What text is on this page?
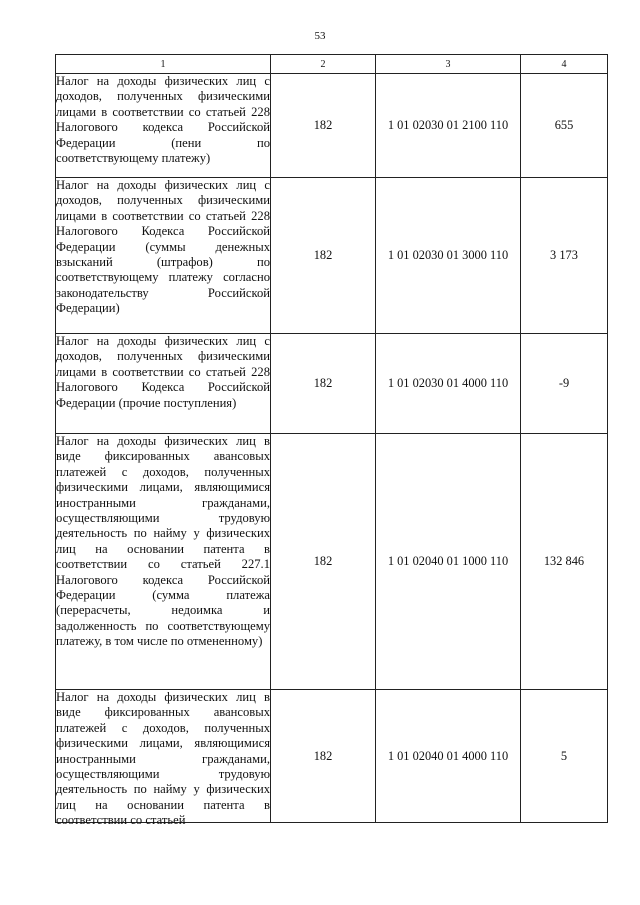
53
1	2	3	4
Налог на доходы физических лиц с доходов, полученных физическими лицами в соответствии со статьей 228 Налогового кодекса Российской Федерации (пени по соответствующему платежу)	182	1 01 02030 01 2100 110	655
Налог на доходы физических лиц с доходов, полученных физическими лицами в соответствии со статьей 228 Налогового Кодекса Российской Федерации (суммы денежных взысканий (штрафов) по соответствующему платежу согласно законодательству Российской Федерации)	182	1 01 02030 01 3000 110	3 173
Налог на доходы физических лиц с доходов, полученных физическими лицами в соответствии со статьей 228 Налогового Кодекса Российской Федерации (прочие поступления)	182	1 01 02030 01 4000 110	-9
Налог на доходы физических лиц в виде фиксированных авансовых платежей с доходов, полученных физическими лицами, являющимися иностранными гражданами, осуществляющими трудовую деятельность по найму у физических лиц на основании патента в соответствии со статьей 227.1 Налогового кодекса Российской Федерации (сумма платежа (перерасчеты, недоимка и задолженность по соответствующему платежу, в том числе по отмененному)	182	1 01 02040 01 1000 110	132 846

Налог на доходы физических лиц в виде фиксированных авансовых платежей с доходов, полученных физическими лицами, являющимися иностранными гражданами, осуществляющими трудовую деятельность по найму у физических лиц на основании патента в соответствии со статьей	182	1 01 02040 01 4000 110	5
